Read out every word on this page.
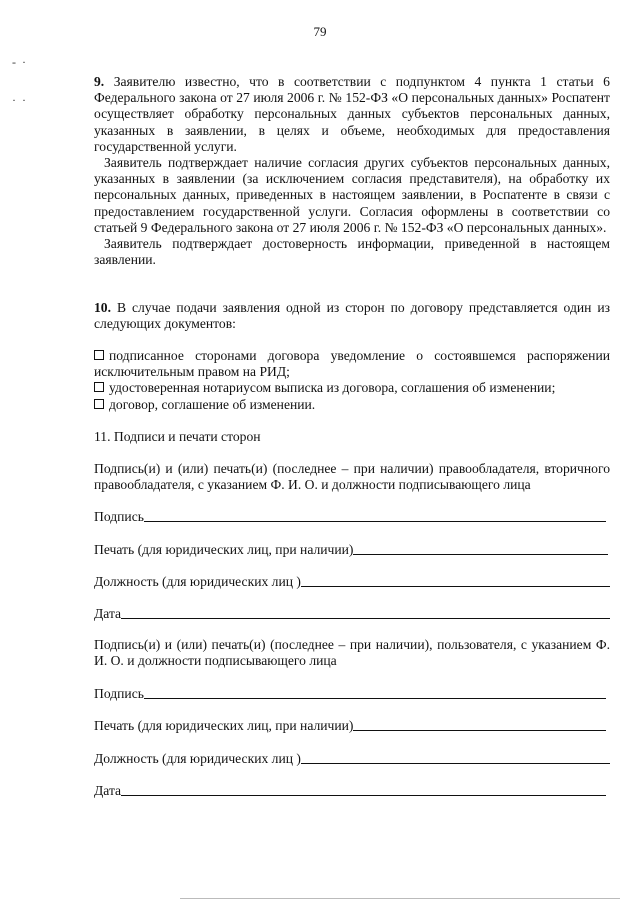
79
-  ·
·  ·

9. Заявителю известно, что в соответствии с подпунктом 4 пункта 1 статьи 6 Федерального закона от 27 июля 2006 г. № 152-ФЗ «О персональных данных» Роспатент осуществляет обработку персональных данных субъектов персональных данных, указанных в заявлении, в целях и объеме, необходимых для предоставления государственной услуги.

Заявитель подтверждает наличие согласия других субъектов персональных данных, указанных в заявлении (за исключением согласия представителя), на обработку их персональных данных, приведенных в настоящем заявлении, в Роспатенте в связи с предоставлением государственной услуги. Согласия оформлены в соответствии со статьей 9 Федерального закона от 27 июля 2006 г. № 152-ФЗ «О персональных данных».

Заявитель подтверждает достоверность информации, приведенной в настоящем заявлении.

10. В случае подачи заявления одной из сторон по договору представляется один из следующих документов:

подписанное сторонами договора уведомление о состоявшемся распоряжении исключительным правом на РИД;

удостоверенная нотариусом выписка из договора, соглашения об изменении;

договор, соглашение об изменении.

11. Подписи и печати сторон
Подпись(и) и (или) печать(и) (последнее – при наличии) правообладателя, вторичного правообладателя, с указанием Ф. И. О. и должности подписывающего лица
Подпись
Печать (для юридических лиц, при наличии)
Должность (для юридических лиц )
Дата
Подпись(и) и (или) печать(и) (последнее – при наличии), пользователя, с указанием Ф. И. О. и должности подписывающего лица
Подпись
Печать (для юридических лиц, при наличии)
Должность (для юридических лиц )
Дата
